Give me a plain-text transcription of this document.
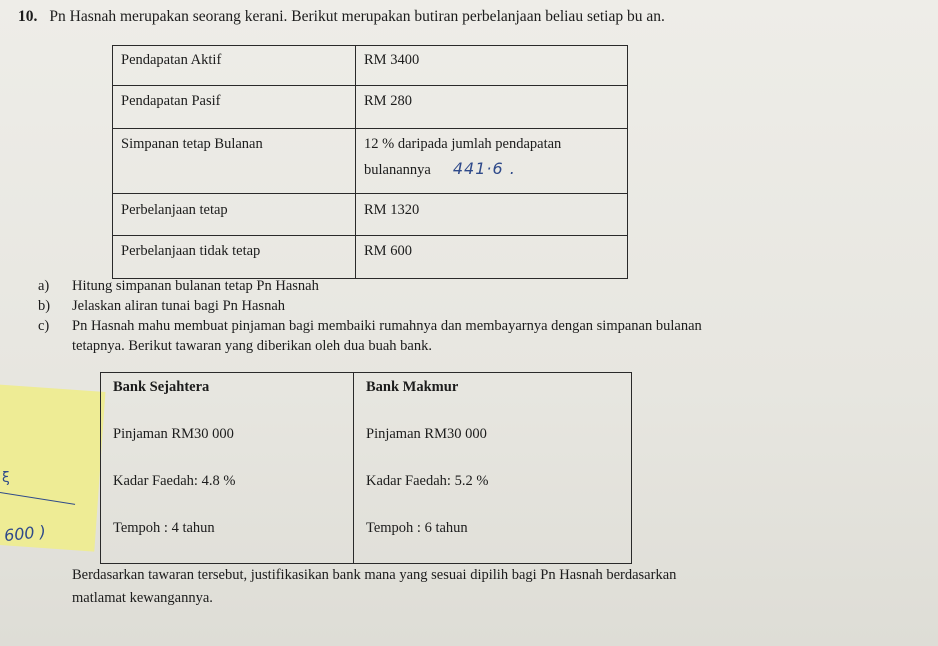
10. Pn Hasnah merupakan seorang kerani. Berikut merupakan butiran perbelanjaan beliau setiap bu an.
Pendapatan Aktif	RM 3400
Pendapatan Pasif	RM 280
Simpanan tetap Bulanan	12 % daripada jumlah pendapatan
bulanannya 441·6 .

Perbelanjaan tetap	RM 1320
Perbelanjaan tidak tetap	RM 600
a) Hitung simpanan bulanan tetap Pn Hasnah
b) Jelaskan aliran tunai bagi Pn Hasnah
c) Pn Hasnah mahu membuat pinjaman bagi membaiki rumahnya dan membayarnya dengan simpanan bulanan
tetapnya. Berikut tawaran yang diberikan oleh dua buah bank.
ξ
600 )
Bank Sejahtera	Bank Makmur
Pinjaman RM30 000	Pinjaman RM30 000
Kadar Faedah: 4.8 %	Kadar Faedah: 5.2 %
Tempoh : 4 tahun	Tempoh : 6 tahun
Berdasarkan tawaran tersebut, justifikasikan bank mana yang sesuai dipilih bagi Pn Hasnah berdasarkan
matlamat kewangannya.
